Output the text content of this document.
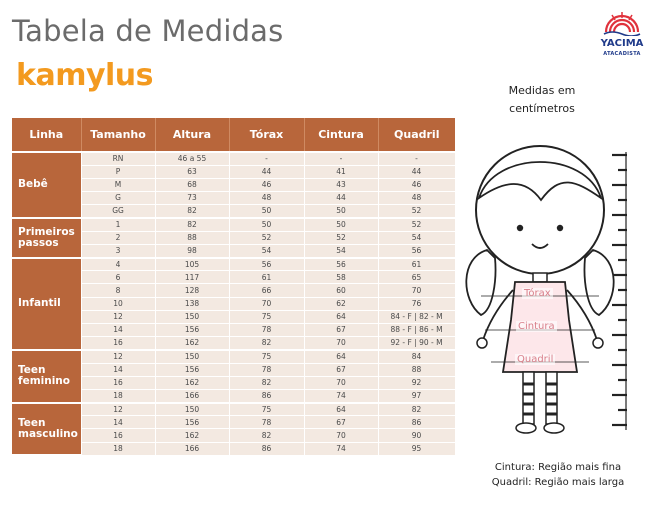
Tabela de Medidas
kamylus
YACIMA
ATACADISTA
Linha	Tamanho	Altura	Tórax	Cintura	Quadril
Bebê	RN	46 a 55	-	-	-
	P	63	44	41	44
	M	68	46	43	46
	G	73	48	44	48
	GG	82	50	50	52
Primeiros passos	1	82	50	50	52
	2	88	52	52	54
	3	98	54	54	56
Infantil	4	105	56	56	61
	6	117	61	58	65
	8	128	66	60	70
	10	138	70	62	76
	12	150	75	64	84 - F | 82 - M
	14	156	78	67	88 - F | 86 - M
	16	162	82	70	92 - F | 90 - M
Teen feminino	12	150	75	64	84
	14	156	78	67	88
	16	162	82	70	92
	18	166	86	74	97
Teen masculino	12	150	75	64	82
	14	156	78	67	86
	16	162	82	70	90
	18	166	86	74	95
Medidas em centímetros
Tórax
Cintura
Quadril
Cintura: Região mais fina
Quadril: Região mais larga
